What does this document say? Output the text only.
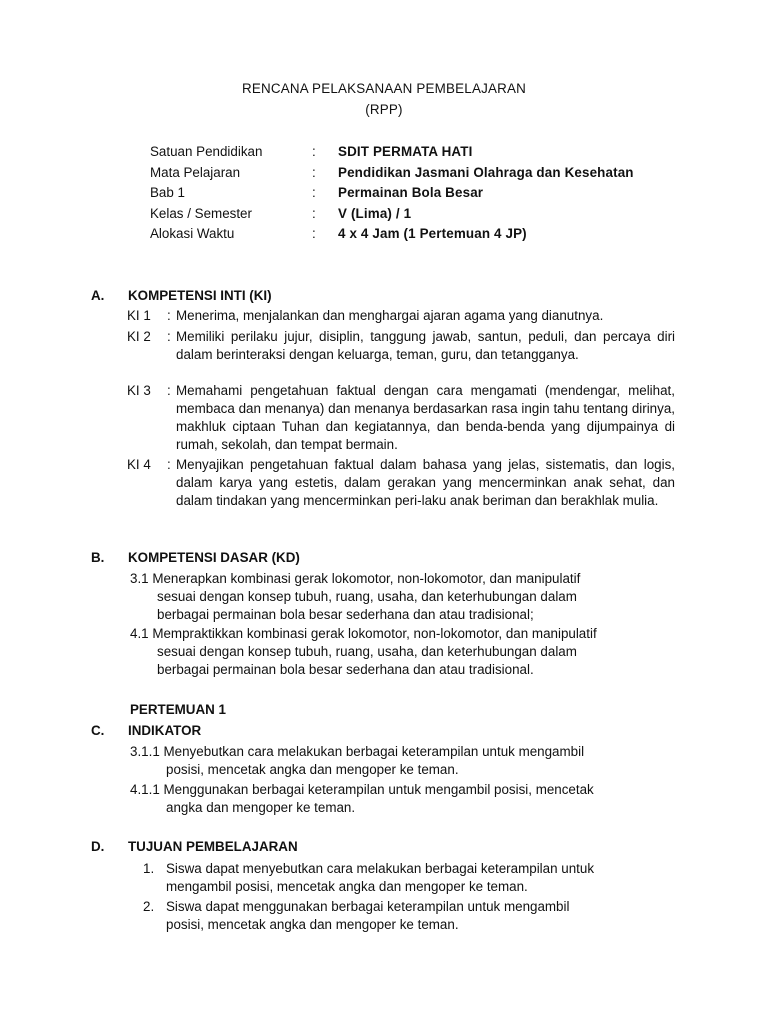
RENCANA PELAKSANAAN PEMBELAJARAN
(RPP)
Satuan Pendidikan	:	SDIT PERMATA HATI
Mata Pelajaran	:	Pendidikan Jasmani Olahraga dan Kesehatan
Bab 1	:	Permainan Bola Besar
Kelas / Semester	:	V (Lima) / 1
Alokasi Waktu	:	4 x 4 Jam (1 Pertemuan 4 JP)
A.	KOMPETENSI INTI (KI)
KI 1	: Menerima, menjalankan dan menghargai ajaran agama yang dianutnya.
KI 2	: Memiliki perilaku jujur, disiplin, tanggung jawab, santun, peduli, dan percaya diri dalam berinteraksi dengan keluarga, teman, guru, dan tetangganya.
KI 3	: Memahami pengetahuan faktual dengan cara mengamati (mendengar, melihat, membaca dan menanya) dan menanya berdasarkan rasa ingin tahu tentang dirinya, makhluk ciptaan Tuhan dan kegiatannya, dan benda-benda yang dijumpainya di rumah, sekolah, dan tempat bermain.
KI 4	: Menyajikan pengetahuan faktual dalam bahasa yang jelas, sistematis, dan logis, dalam karya yang estetis, dalam gerakan yang mencerminkan anak sehat, dan dalam tindakan yang mencerminkan peri-laku anak beriman dan berakhlak mulia.
B.	KOMPETENSI DASAR (KD)
3.1 Menerapkan kombinasi gerak lokomotor, non-lokomotor, dan manipulatif
sesuai dengan konsep tubuh, ruang, usaha, dan keterhubungan dalam
berbagai permainan bola besar sederhana dan atau tradisional;
4.1 Mempraktikkan kombinasi gerak lokomotor, non-lokomotor, dan manipulatif
sesuai dengan konsep tubuh, ruang, usaha, dan keterhubungan dalam
berbagai permainan bola besar sederhana dan atau tradisional.
PERTEMUAN 1
C.	INDIKATOR
3.1.1 Menyebutkan cara melakukan berbagai keterampilan untuk mengambil
posisi, mencetak angka dan mengoper ke teman.
4.1.1 Menggunakan berbagai keterampilan untuk mengambil posisi, mencetak
angka dan mengoper ke teman.
D.	TUJUAN PEMBELAJARAN
1. Siswa dapat menyebutkan cara melakukan berbagai keterampilan untuk
mengambil posisi, mencetak angka dan mengoper ke teman.
2. Siswa dapat menggunakan berbagai keterampilan untuk mengambil
posisi, mencetak angka dan mengoper ke teman.
